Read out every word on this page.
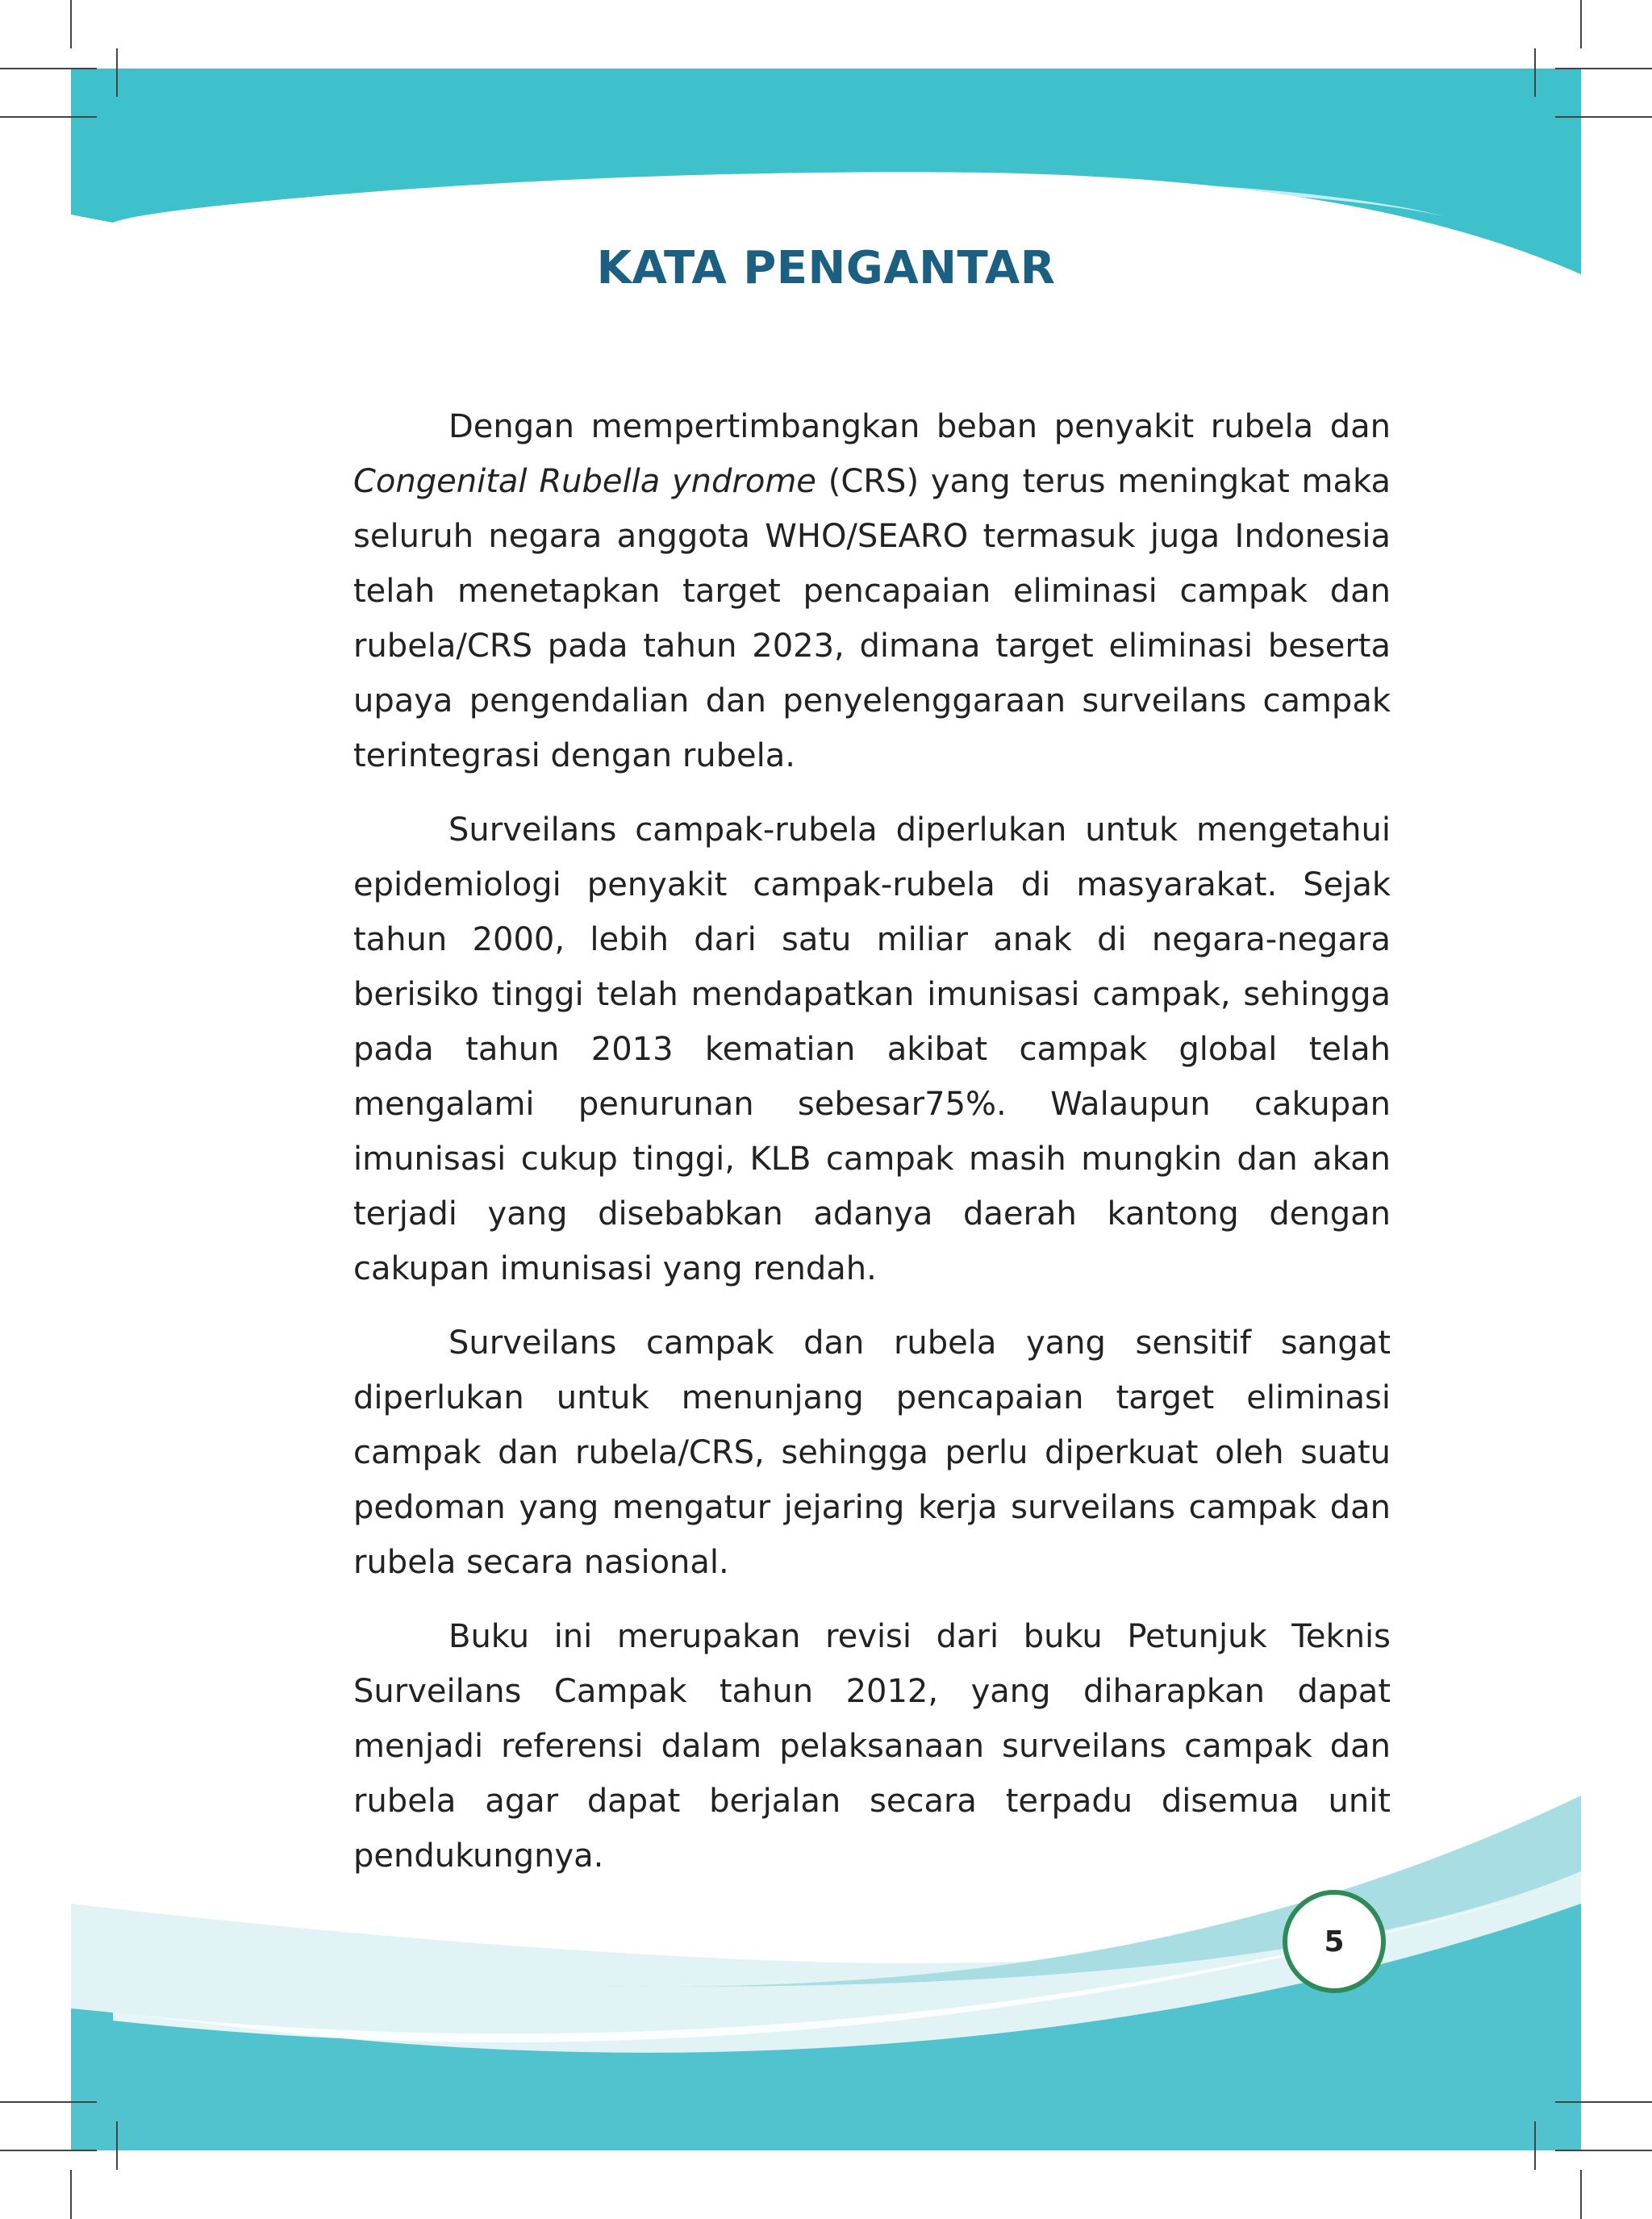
KATA PENGANTAR

Dengan mempertimbangkan beban penyakit rubela dan Congenital Rubella yndrome (CRS) yang terus meningkat maka seluruh negara anggota WHO/SEARO termasuk juga Indonesia telah menetapkan target pencapaian eliminasi campak dan rubela/CRS pada tahun 2023, dimana target eliminasi beserta upaya pengendalian dan penyelenggaraan surveilans campak terintegrasi dengan rubela.

Surveilans campak-rubela diperlukan untuk mengetahui epidemiologi penyakit campak-rubela di masyarakat. Sejak tahun 2000, lebih dari satu miliar anak di negara-negara berisiko tinggi telah mendapatkan imunisasi campak, sehingga pada tahun 2013 kematian akibat campak global telah mengalami penurunan sebesar75%. Walaupun cakupan imunisasi cukup tinggi, KLB campak masih mungkin dan akan terjadi yang disebabkan adanya daerah kantong dengan cakupan imunisasi yang rendah.

Surveilans campak dan rubela yang sensitif sangat diperlukan untuk menunjang pencapaian target eliminasi campak dan rubela/CRS, sehingga perlu diperkuat oleh suatu pedoman yang mengatur jejaring kerja surveilans campak dan rubela secara nasional.

Buku ini merupakan revisi dari buku Petunjuk Teknis Surveilans Campak tahun 2012, yang diharapkan dapat menjadi referensi dalam pelaksanaan surveilans campak dan rubela agar dapat berjalan secara terpadu disemua unit pendukungnya.

5
